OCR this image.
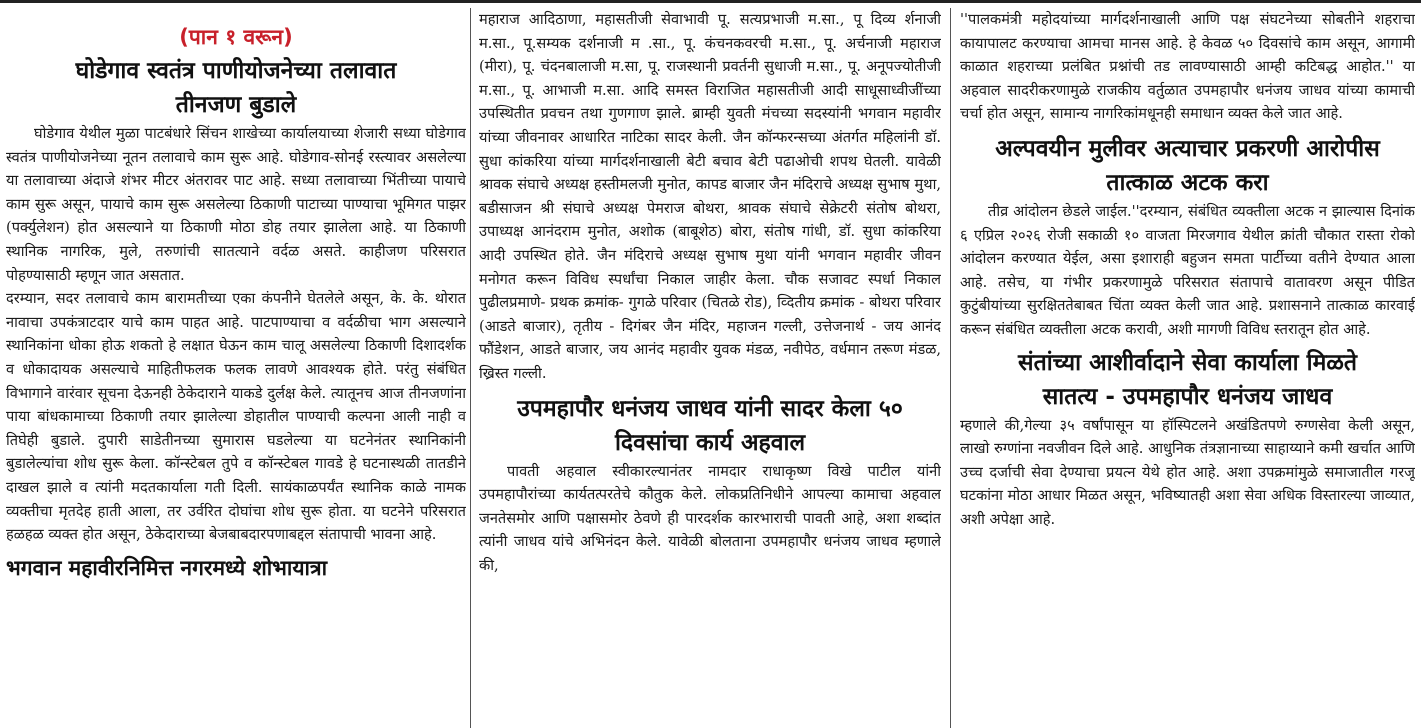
(पान १ वरून)
घोडेगाव स्वतंत्र पाणीयोजनेच्या तलावात
तीनजण बुडाले

घोडेगाव येथील मुळा पाटबंधारे सिंचन शाखेच्या कार्यालयाच्या शेजारी सध्या घोडेगाव स्वतंत्र पाणीयोजनेच्या नूतन तलावाचे काम सुरू आहे. घोडेगाव-सोनई रस्त्यावर असलेल्या या तलावाच्या अंदाजे शंभर मीटर अंतरावर पाट आहे. सध्या तलावाच्या भिंतीच्या पायाचे काम सुरू असून, पायाचे काम सुरू असलेल्या ठिकाणी पाटाच्या पाण्याचा भूमिगत पाझर (पर्क्युलेशन) होत असल्याने या ठिकाणी मोठा डोह तयार झालेला आहे. या ठिकाणी स्थानिक नागरिक, मुले, तरुणांची सातत्याने वर्दळ असते. काहीजण परिसरात पोहण्यासाठी म्हणून जात असतात.

दरम्यान, सदर तलावाचे काम बारामतीच्या एका कंपनीने घेतलेले असून, के. के. थोरात नावाचा उपकंत्राटदार याचे काम पाहत आहे. पाटपाण्याचा व वर्दळीचा भाग असल्याने स्थानिकांना धोका होऊ शकतो हे लक्षात घेऊन काम चालू असलेल्या ठिकाणी दिशादर्शक व धोकादायक असल्याचे माहितीफलक फलक लावणे आवश्यक होते. परंतु संबंधित विभागाने वारंवार सूचना देऊनही ठेकेदाराने याकडे दुर्लक्ष केले. त्यातूनच आज तीनजणांना पाया बांधकामाच्या ठिकाणी तयार झालेल्या डोहातील पाण्याची कल्पना आली नाही व तिघेही बुडाले. दुपारी साडेतीनच्या सुमारास घडलेल्या या घटनेनंतर स्थानिकांनी बुडालेल्यांचा शोध सुरू केला. कॉन्स्टेबल तुपे व कॉन्स्टेबल गावडे हे घटनास्थळी तातडीने दाखल झाले व त्यांनी मदतकार्याला गती दिली. सायंकाळपर्यंत स्थानिक काळे नामक व्यक्तीचा मृतदेह हाती आला, तर उर्वरित दोघांचा शोध सुरू होता. या घटनेने परिसरात हळहळ व्यक्त होत असून, ठेकेदाराच्या बेजबाबदारपणाबद्दल संतापाची भावना आहे.

भगवान महावीरनिमित्त नगरमध्ये शोभायात्रा

महाराज आदिठाणा, महासतीजी सेवाभावी पू. सत्यप्रभाजी म.सा., पू दिव्य र्शनाजी म.सा., पू.सम्यक दर्शनाजी म .सा., पू. कंचनकवरची म.सा., पू. अर्चनाजी महाराज (मीरा), पू. चंदनबालाजी म.सा, पू. राजस्थानी प्रवर्तनी सुधाजी म.सा., पू. अनूपज्योतीजी म.सा., पू. आभाजी म.सा. आदि समस्त विराजित महासतीजी आदी साधूसाध्वीजींच्या उपस्थितीत प्रवचन तथा गुणगाण झाले. ब्राम्ही युवती मंचच्या सदस्यांनी भगवान महावीर यांच्या जीवनावर आधारित नाटिका सादर केली. जैन कॉन्फरन्सच्या अंतर्गत महिलांनी डॉ. सुधा कांकरिया यांच्या मार्गदर्शनाखाली बेटी बचाव बेटी पढाओची शपथ घेतली. यावेळी श्रावक संघाचे अध्यक्ष हस्तीमलजी मुनोत, कापड बाजार जैन मंदिराचे अध्यक्ष सुभाष मुथा, बडीसाजन श्री संघाचे अध्यक्ष पेमराज बोथरा, श्रावक संघाचे सेक्रेटरी संतोष बोथरा, उपाध्यक्ष आनंदराम मुनोत, अशोक (बाबूशेठ) बोरा, संतोष गांधी, डॉ. सुधा कांकरिया आदी उपस्थित होते. जैन मंदिराचे अध्यक्ष सुभाष मुथा यांनी भगवान महावीर जीवन मनोगत करून विविध स्पर्धांचा निकाल जाहीर केला. चौक सजावट स्पर्धा निकाल पुढीलप्रमाणे- प्रथक क्रमांक- गुगळे परिवार (चितळे रोड), व्दितीय क्रमांक - बोथरा परिवार (आडते बाजार), तृतीय - दिगंबर जैन मंदिर, महाजन गल्ली, उत्तेजनार्थ - जय आनंद फौंडेशन, आडते बाजार, जय आनंद महावीर युवक मंडळ, नवीपेठ, वर्धमान तरूण मंडळ, ख्रिस्त गल्ली.

उपमहापौर धनंजय जाधव यांनी सादर केला ५०
दिवसांचा कार्य अहवाल

पावती अहवाल स्वीकारल्यानंतर नामदार राधाकृष्ण विखे पाटील यांनी उपमहापौरांच्या कार्यतत्परतेचे कौतुक केले. लोकप्रतिनिधीने आपल्या कामाचा अहवाल जनतेसमोर आणि पक्षासमोर ठेवणे ही पारदर्शक कारभाराची पावती आहे, अशा शब्दांत त्यांनी जाधव यांचे अभिनंदन केले. यावेळी बोलताना उपमहापौर धनंजय जाधव म्हणाले की,

''पालकमंत्री महोदयांच्या मार्गदर्शनाखाली आणि पक्ष संघटनेच्या सोबतीने शहराचा कायापालट करण्याचा आमचा मानस आहे. हे केवळ ५० दिवसांचे काम असून, आगामी काळात शहराच्या प्रलंबित प्रश्नांची तड लावण्यासाठी आम्ही कटिबद्ध आहोत.'' या अहवाल सादरीकरणामुळे राजकीय वर्तुळात उपमहापौर धनंजय जाधव यांच्या कामाची चर्चा होत असून, सामान्य नागरिकांमधूनही समाधान व्यक्त केले जात आहे.

अल्पवयीन मुलीवर अत्याचार प्रकरणी आरोपीस
तात्काळ अटक करा

तीव्र आंदोलन छेडले जाईल.''दरम्यान, संबंधित व्यक्तीला अटक न झाल्यास दिनांक ६ एप्रिल २०२६ रोजी सकाळी १० वाजता मिरजगाव येथील क्रांती चौकात रास्ता रोको आंदोलन करण्यात येईल, असा इशाराही बहुजन समता पार्टीच्या वतीने देण्यात आला आहे. तसेच, या गंभीर प्रकरणामुळे परिसरात संतापाचे वातावरण असून पीडित कुटुंबीयांच्या सुरक्षिततेबाबत चिंता व्यक्त केली जात आहे. प्रशासनाने तात्काळ कारवाई करून संबंधित व्यक्तीला अटक करावी, अशी मागणी विविध स्तरातून होत आहे.

संतांच्या आशीर्वादाने सेवा कार्याला मिळते
सातत्य - उपमहापौर धनंजय जाधव

म्हणाले की,गेल्या ३५ वर्षांपासून या हॉस्पिटलने अखंडितपणे रुग्णसेवा केली असून, लाखो रुग्णांना नवजीवन दिले आहे. आधुनिक तंत्रज्ञानाच्या साहाय्याने कमी खर्चात आणि उच्च दर्जाची सेवा देण्याचा प्रयत्न येथे होत आहे. अशा उपक्रमांमुळे समाजातील गरजू घटकांना मोठा आधार मिळत असून, भविष्यातही अशा सेवा अधिक विस्तारल्या जाव्यात, अशी अपेक्षा आहे.
